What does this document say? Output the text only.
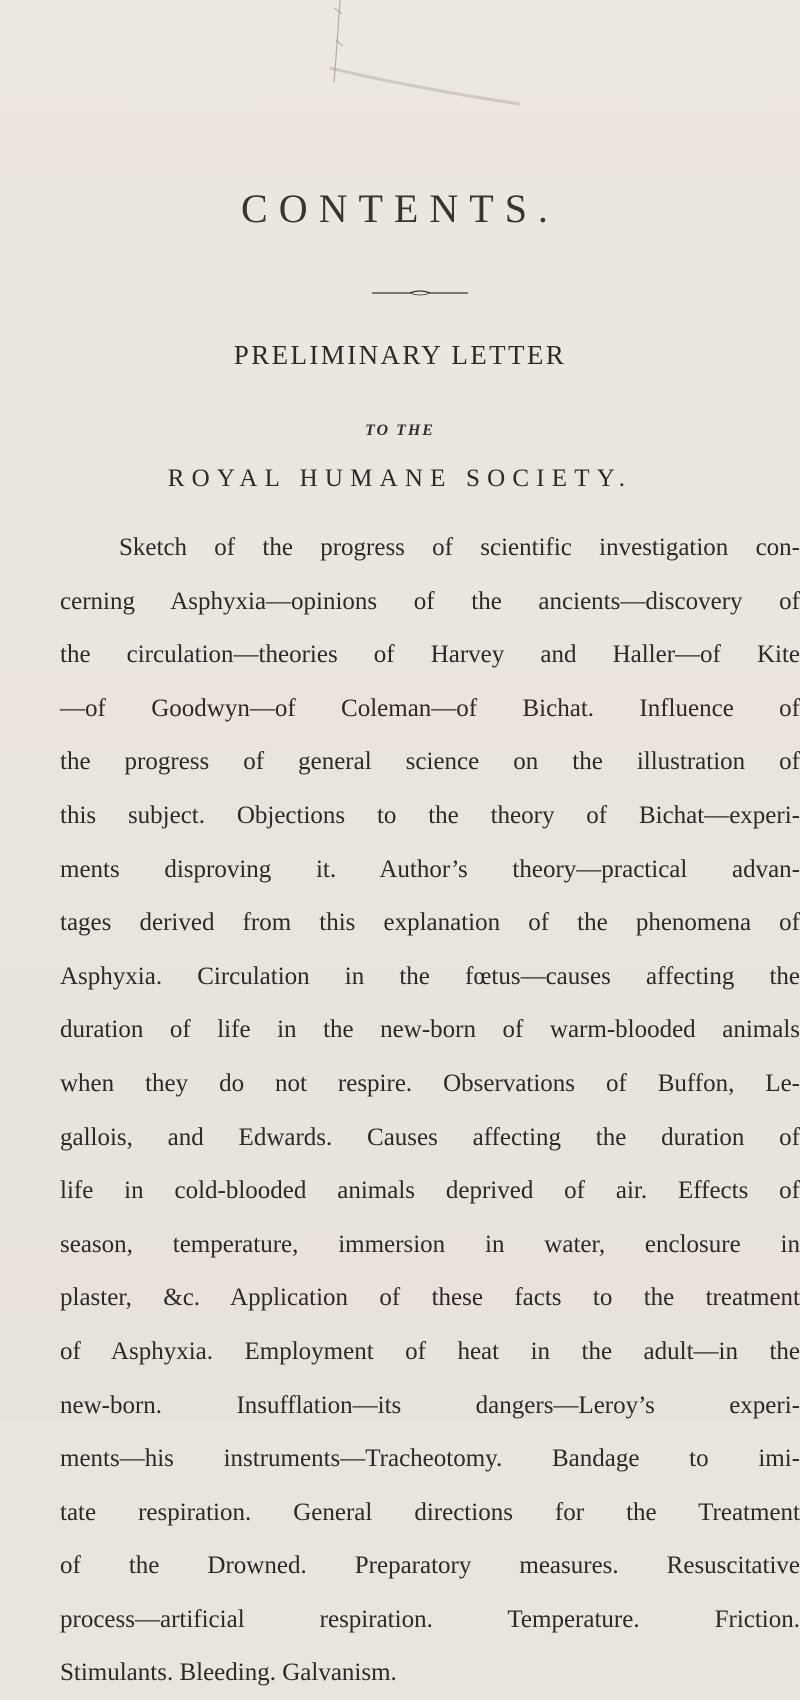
CONTENTS.
PRELIMINARY LETTER
TO THE
ROYAL HUMANE SOCIETY.
Sketch of the progress of scientific investigation con-
cerning Asphyxia—opinions of the ancients—discovery of
the circulation—theories of Harvey and Haller—of Kite
—of Goodwyn—of Coleman—of Bichat. Influence of
the progress of general science on the illustration of
this subject. Objections to the theory of Bichat—experi-
ments disproving it. Author’s theory—practical advan-
tages derived from this explanation of the phenomena of
Asphyxia. Circulation in the fœtus—causes affecting the
duration of life in the new-born of warm-blooded animals
when they do not respire. Observations of Buffon, Le-
gallois, and Edwards. Causes affecting the duration of
life in cold-blooded animals deprived of air. Effects of
season, temperature, immersion in water, enclosure in
plaster, &c. Application of these facts to the treatment
of Asphyxia. Employment of heat in the adult—in the
new-born. Insufflation—its dangers—Leroy’s experi-
ments—his instruments—Tracheotomy. Bandage to imi-
tate respiration. General directions for the Treatment
of the Drowned. Preparatory measures. Resuscitative
process—artificial respiration. Temperature. Friction.
Stimulants. Bleeding. Galvanism.
